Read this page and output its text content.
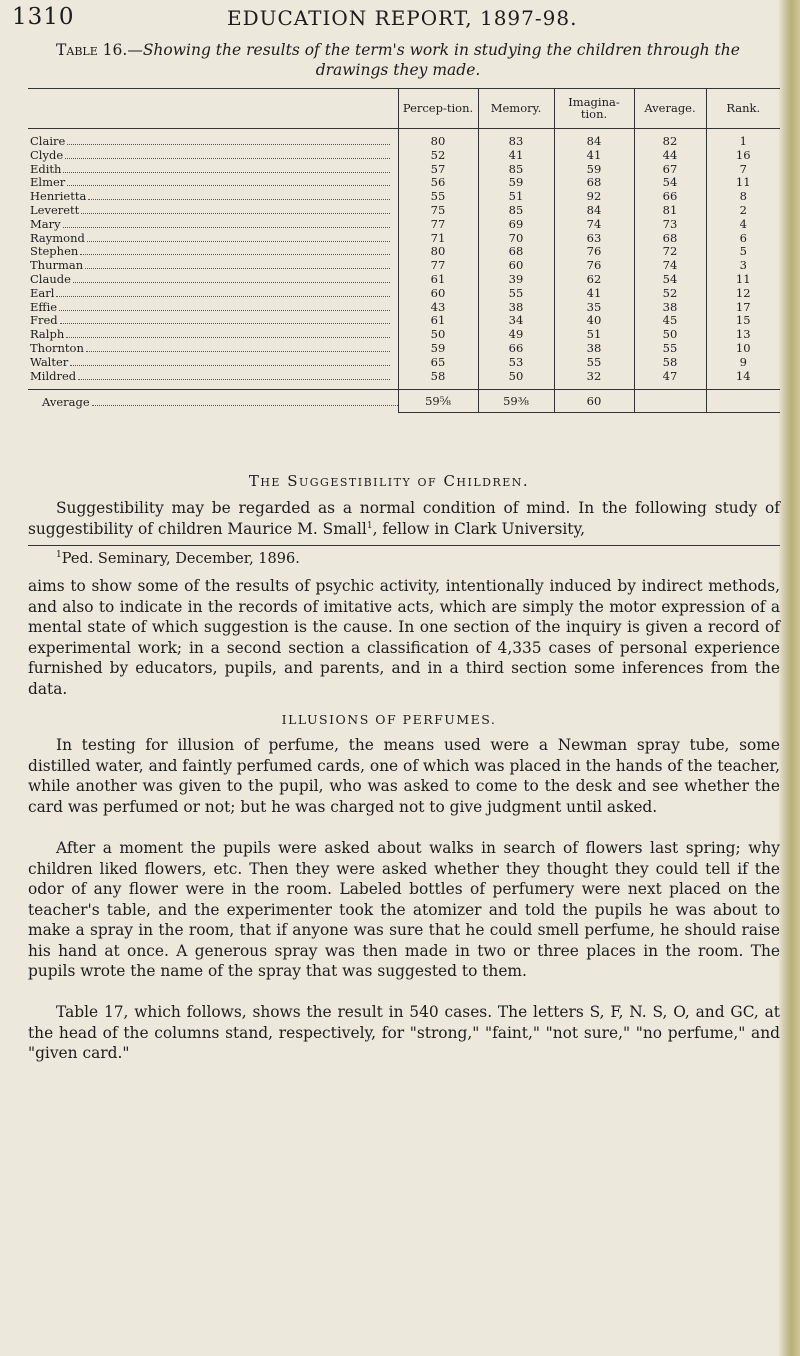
1310	EDUCATION REPORT, 1897-98.
Table 16.—Showing the results of the term's work in studying the children through the drawings they made.
	Percep-tion.	Memory.	Imagina-tion.	Average.	Rank.

Claire	80	83	84	82	1

Clyde	52	41	41	44	16

Edith	57	85	59	67	7

Elmer	56	59	68	54	11

Henrietta	55	51	92	66	8

Leverett	75	85	84	81	2

Mary	77	69	74	73	4

Raymond	71	70	63	68	6

Stephen	80	68	76	72	5

Thurman	77	60	76	74	3

Claude	61	39	62	54	11

Earl	60	55	41	52	12

Effie	43	38	35	38	17

Fred	61	34	40	45	15

Ralph	50	49	51	50	13

Thornton	59	66	38	55	10

Walter	65	53	55	58	9

Mildred	58	50	32	47	14

Average	59⅝	59⅜	60		
The Suggestibility of Children.

Suggestibility may be regarded as a normal condition of mind. In the following study of suggestibility of children Maurice M. Small$^1$, fellow in Clark University,

$^1$Ped. Seminary, December, 1896.

aims to show some of the results of psychic activity, intentionally induced by indirect methods, and also to indicate in the records of imitative acts, which are simply the motor expression of a mental state of which suggestion is the cause. In one section of the inquiry is given a record of experimental work; in a second section a classification of 4,335 cases of personal experience furnished by educators, pupils, and parents, and in a third section some inferences from the data.

ILLUSIONS OF PERFUMES.

In testing for illusion of perfume, the means used were a Newman spray tube, some distilled water, and faintly perfumed cards, one of which was placed in the hands of the teacher, while another was given to the pupil, who was asked to come to the desk and see whether the card was perfumed or not; but he was charged not to give judgment until asked.

After a moment the pupils were asked about walks in search of flowers last spring; why children liked flowers, etc. Then they were asked whether they thought they could tell if the odor of any flower were in the room. Labeled bottles of perfumery were next placed on the teacher's table, and the experimenter took the atomizer and told the pupils he was about to make a spray in the room, that if anyone was sure that he could smell perfume, he should raise his hand at once. A generous spray was then made in two or three places in the room. The pupils wrote the name of the spray that was suggested to them.

Table 17, which follows, shows the result in 540 cases. The letters S, F, N. S, O, and GC, at the head of the columns stand, respectively, for "strong," "faint," "not sure," "no perfume," and "given card."
